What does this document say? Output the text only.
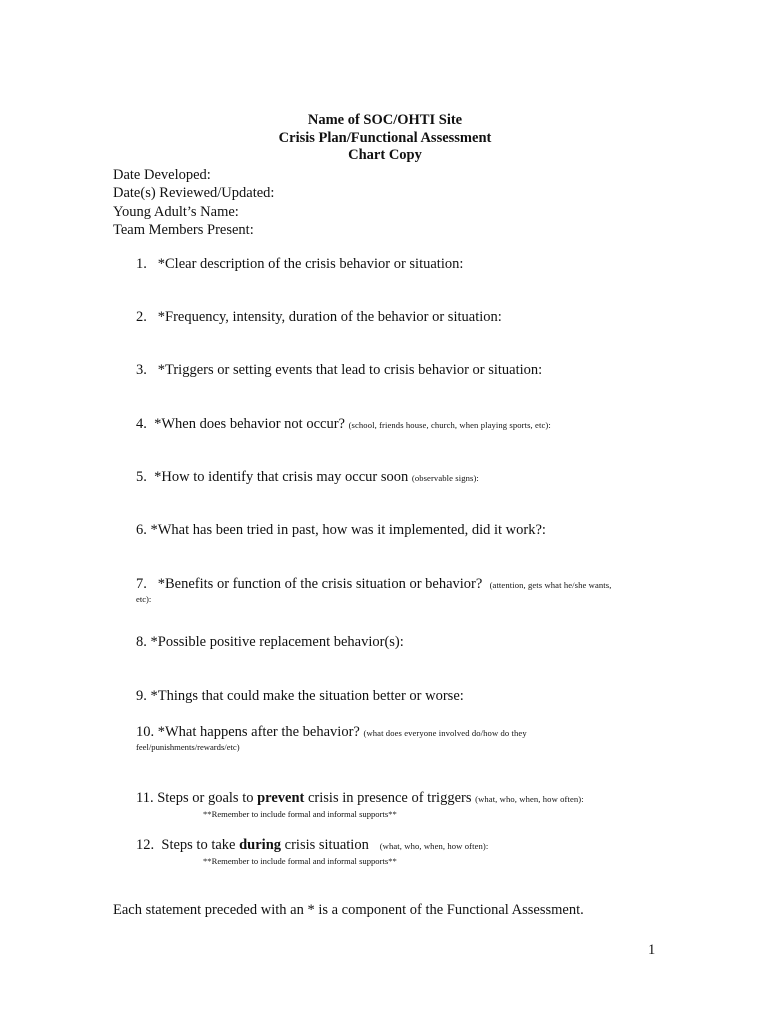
Name of SOC/OHTI Site
Crisis Plan/Functional Assessment
Chart Copy
Date Developed:
Date(s) Reviewed/Updated:
Young Adult’s Name:
Team Members Present:
1.   *Clear description of the crisis behavior or situation:
2.   *Frequency, intensity, duration of the behavior or situation:
3.   *Triggers or setting events that lead to crisis behavior or situation:
4.  *When does behavior not occur? (school, friends house, church, when playing sports, etc):
5.  *How to identify that crisis may occur soon (observable signs):
6. *What has been tried in past, how was it implemented, did it work?:
7.   *Benefits or function of the crisis situation or behavior?  (attention, gets what he/she wants,
etc):
8. *Possible positive replacement behavior(s):
9. *Things that could make the situation better or worse:
10. *What happens after the behavior? (what does everyone involved do/how do they
feel/punishments/rewards/etc)
11. Steps or goals to prevent crisis in presence of triggers (what, who, when, how often):
**Remember to include formal and informal supports**
12.  Steps to take during crisis situation   (what, who, when, how often):
**Remember to include formal and informal supports**
Each statement preceded with an * is a component of the Functional Assessment.
1
